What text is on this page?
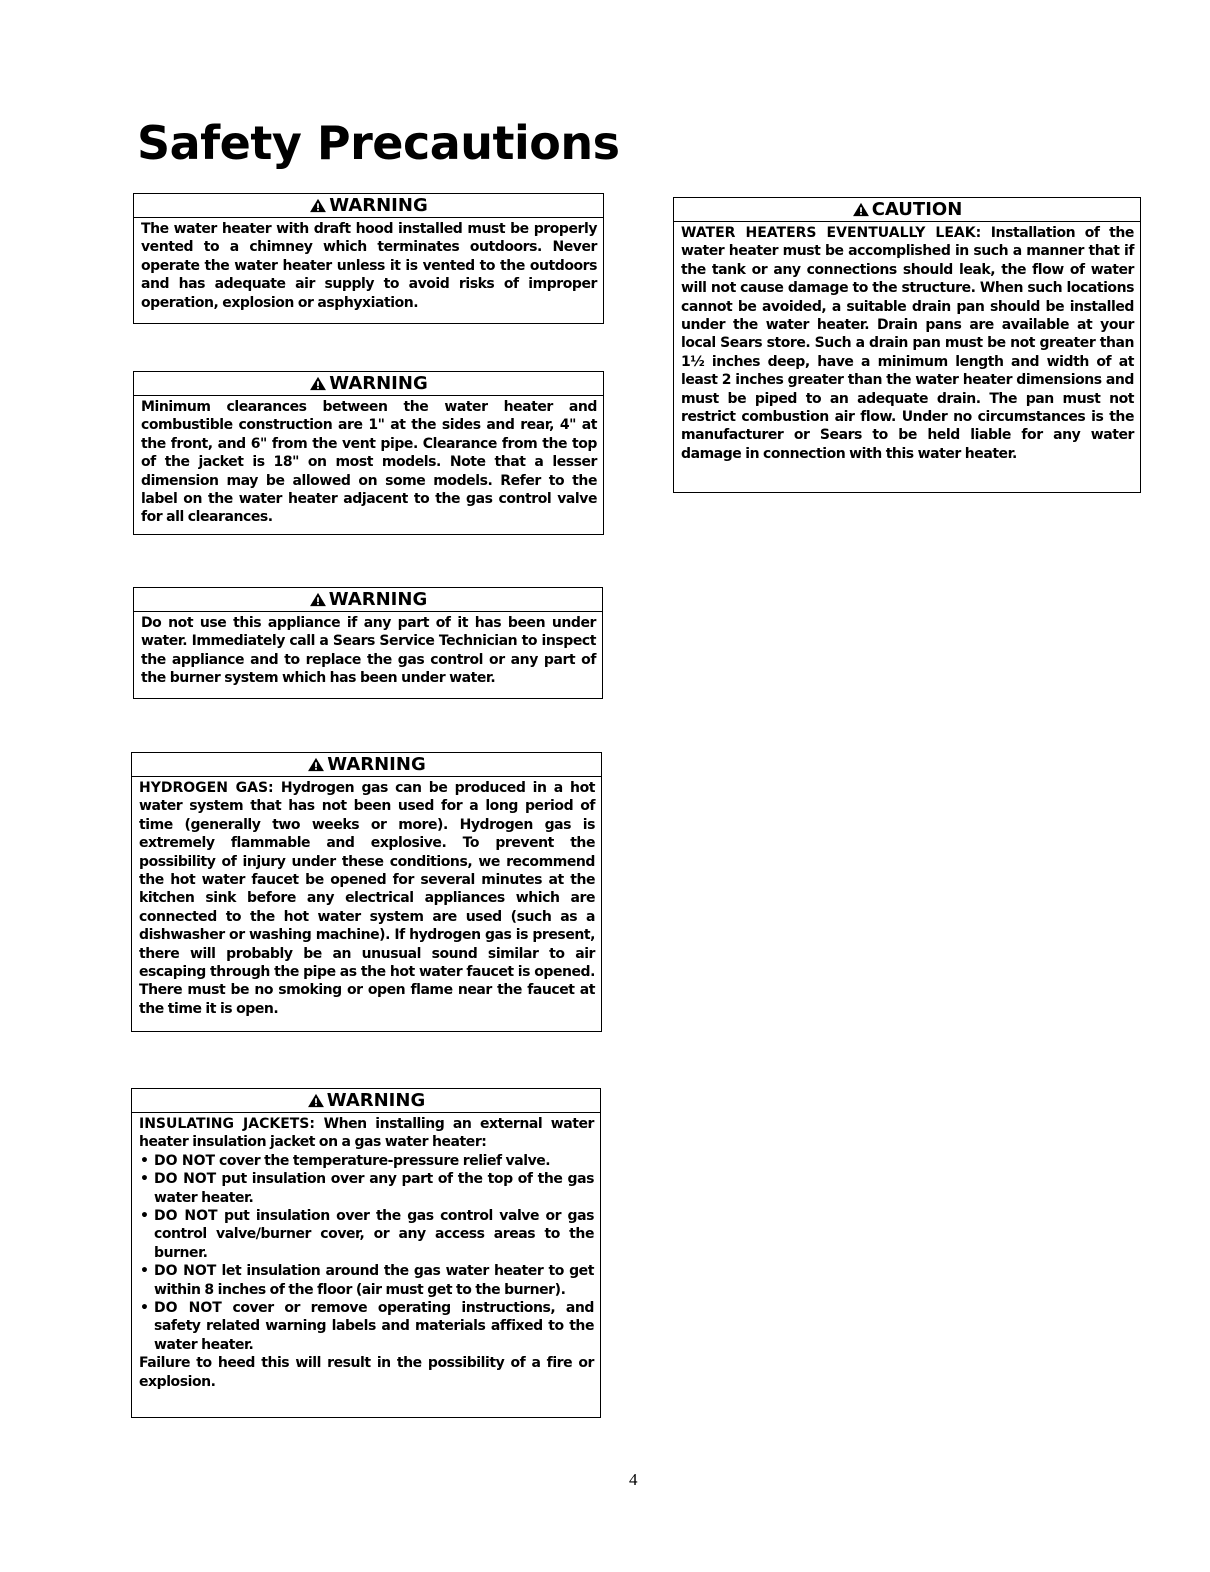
Safety Precautions
WARNING

The water heater with draft hood installed must be properly vented to a chimney which terminates outdoors. Never operate the water heater unless it is vented to the outdoors and has adequate air supply to avoid risks of improper operation, explosion or asphyxiation.

WARNING

Minimum clearances between the water heater and combustible construction are 1" at the sides and rear, 4" at the front, and 6" from the vent pipe. Clearance from the top of the jacket is 18" on most models. Note that a lesser dimension may be allowed on some models. Refer to the label on the water heater adjacent to the gas control valve for all clearances.

WARNING

Do not use this appliance if any part of it has been under water. Immediately call a Sears Service Technician to inspect the appliance and to replace the gas control or any part of the burner system which has been under water.

WARNING

HYDROGEN GAS: Hydrogen gas can be produced in a hot water system that has not been used for a long period of time (generally two weeks or more). Hydrogen gas is extremely flammable and explosive. To prevent the possibility of injury under these conditions, we recommend the hot water faucet be opened for several minutes at the kitchen sink before any electrical appliances which are connected to the hot water system are used (such as a dishwasher or washing machine). If hydrogen gas is present, there will probably be an unusual sound similar to air escaping through the pipe as the hot water faucet is opened. There must be no smoking or open flame near the faucet at the time it is open.

WARNING

INSULATING JACKETS: When installing an external water heater insulation jacket on a gas water heater:

• DO NOT cover the temperature-pressure relief valve.
• DO NOT put insulation over any part of the top of the gas water heater.
• DO NOT put insulation over the gas control valve or gas control valve/burner cover, or any access areas to the burner.
• DO NOT let insulation around the gas water heater to get within 8 inches of the floor (air must get to the burner).
• DO NOT cover or remove operating instructions, and safety related warning labels and materials affixed to the water heater.

Failure to heed this will result in the possibility of a fire or explosion.

CAUTION

WATER HEATERS EVENTUALLY LEAK: Installation of the water heater must be accomplished in such a manner that if the tank or any connections should leak, the flow of water will not cause damage to the structure. When such locations cannot be avoided, a suitable drain pan should be installed under the water heater. Drain pans are available at your local Sears store. Such a drain pan must be not greater than 1½ inches deep, have a minimum length and width of at least 2 inches greater than the water heater dimensions and must be piped to an adequate drain. The pan must not restrict combustion air flow. Under no circumstances is the manufacturer or Sears to be held liable for any water damage in connection with this water heater.

4
